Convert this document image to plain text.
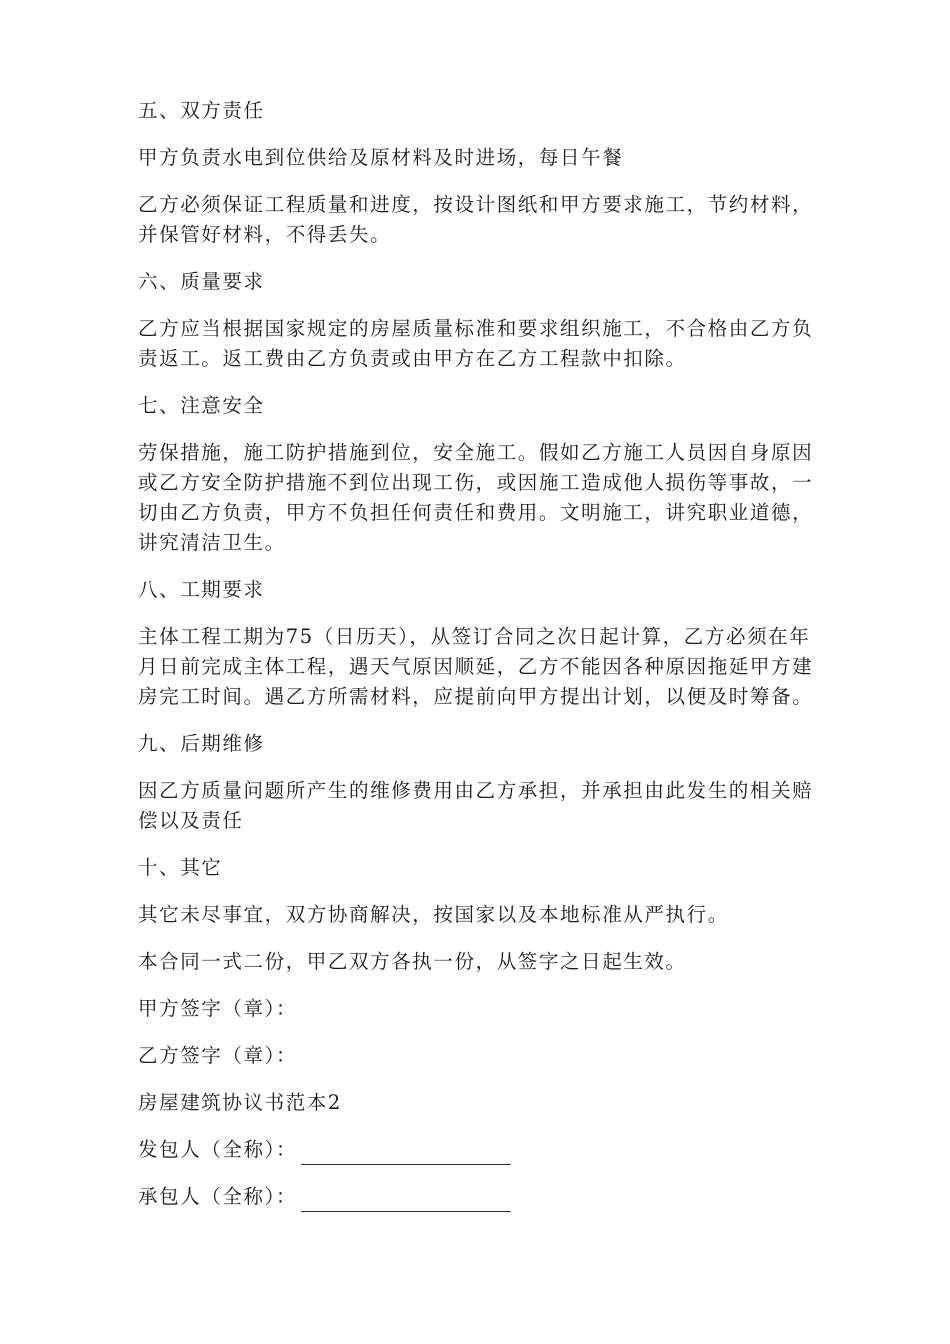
五、双方责任
甲方负责水电到位供给及原材料及时进场，每日午餐
乙方必须保证工程质量和进度，按设计图纸和甲方要求施工，节约材料，并保管好材料，不得丢失。
六、质量要求
乙方应当根据国家规定的房屋质量标准和要求组织施工，不合格由乙方负责返工。返工费由乙方负责或由甲方在乙方工程款中扣除。
七、注意安全
劳保措施，施工防护措施到位，安全施工。假如乙方施工人员因自身原因或乙方安全防护措施不到位出现工伤，或因施工造成他人损伤等事故，一切由乙方负责，甲方不负担任何责任和费用。文明施工，讲究职业道德，讲究清洁卫生。
八、工期要求
主体工程工期为75（日历天），从签订合同之次日起计算，乙方必须在年月日前完成主体工程，遇天气原因顺延，乙方不能因各种原因拖延甲方建房完工时间。遇乙方所需材料，应提前向甲方提出计划，以便及时筹备。
九、后期维修
因乙方质量问题所产生的维修费用由乙方承担，并承担由此发生的相关赔偿以及责任
十、其它
其它未尽事宜，双方协商解决，按国家以及本地标准从严执行。
本合同一式二份，甲乙双方各执一份，从签字之日起生效。
甲方签字（章）：
乙方签字（章）：
房屋建筑协议书范本2
发包人（全称）：
承包人（全称）：
